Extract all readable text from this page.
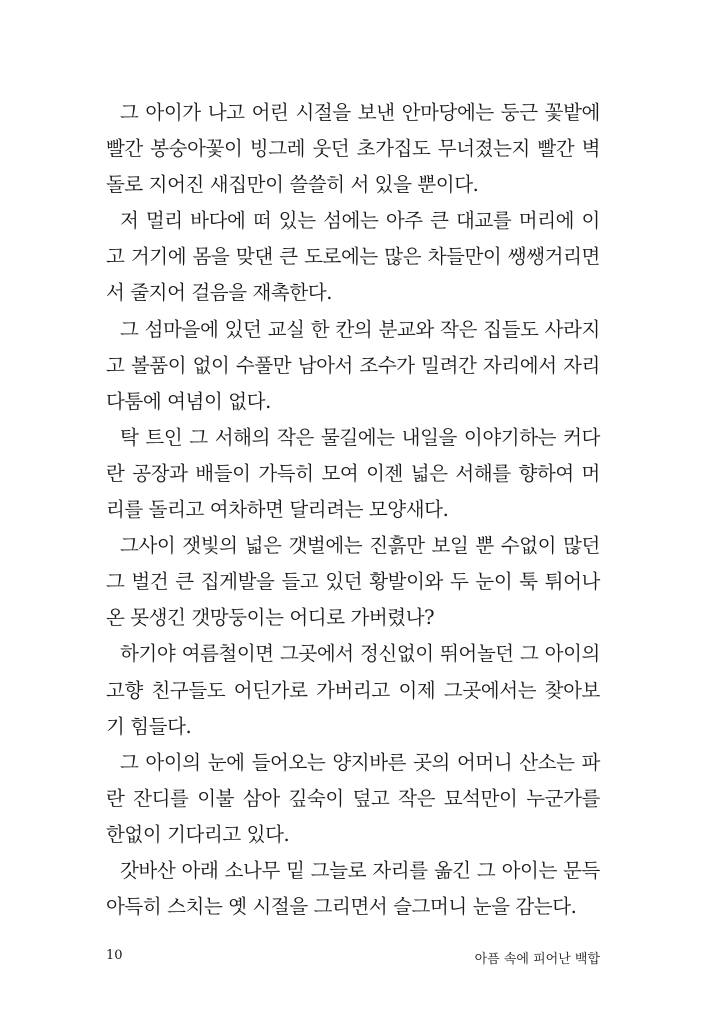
그 아이가 나고 어린 시절을 보낸 안마당에는 둥근 꽃밭에 빨간 봉숭아꽃이 빙그레 웃던 초가집도 무너졌는지 빨간 벽돌로 지어진 새집만이 쓸쓸히 서 있을 뿐이다.

저 멀리 바다에 떠 있는 섬에는 아주 큰 대교를 머리에 이고 거기에 몸을 맞댄 큰 도로에는 많은 차들만이 쌩쌩거리면서 줄지어 걸음을 재촉한다.

그 섬마을에 있던 교실 한 칸의 분교와 작은 집들도 사라지고 볼품이 없이 수풀만 남아서 조수가 밀려간 자리에서 자리다툼에 여념이 없다.

탁 트인 그 서해의 작은 물길에는 내일을 이야기하는 커다란 공장과 배들이 가득히 모여 이젠 넓은 서해를 향하여 머리를 돌리고 여차하면 달리려는 모양새다.

그사이 잿빛의 넓은 갯벌에는 진흙만 보일 뿐 수없이 많던 그 벌건 큰 집게발을 들고 있던 황발이와 두 눈이 툭 튀어나온 못생긴 갯망둥이는 어디로 가버렸나?

하기야 여름철이면 그곳에서 정신없이 뛰어놀던 그 아이의 고향 친구들도 어딘가로 가버리고 이제 그곳에서는 찾아보기 힘들다.

그 아이의 눈에 들어오는 양지바른 곳의 어머니 산소는 파란 잔디를 이불 삼아 깊숙이 덮고 작은 묘석만이 누군가를 한없이 기다리고 있다.

갓바산 아래 소나무 밑 그늘로 자리를 옮긴 그 아이는 문득 아득히 스치는 옛 시절을 그리면서 슬그머니 눈을 감는다.

10	아픔 속에 피어난 백합
